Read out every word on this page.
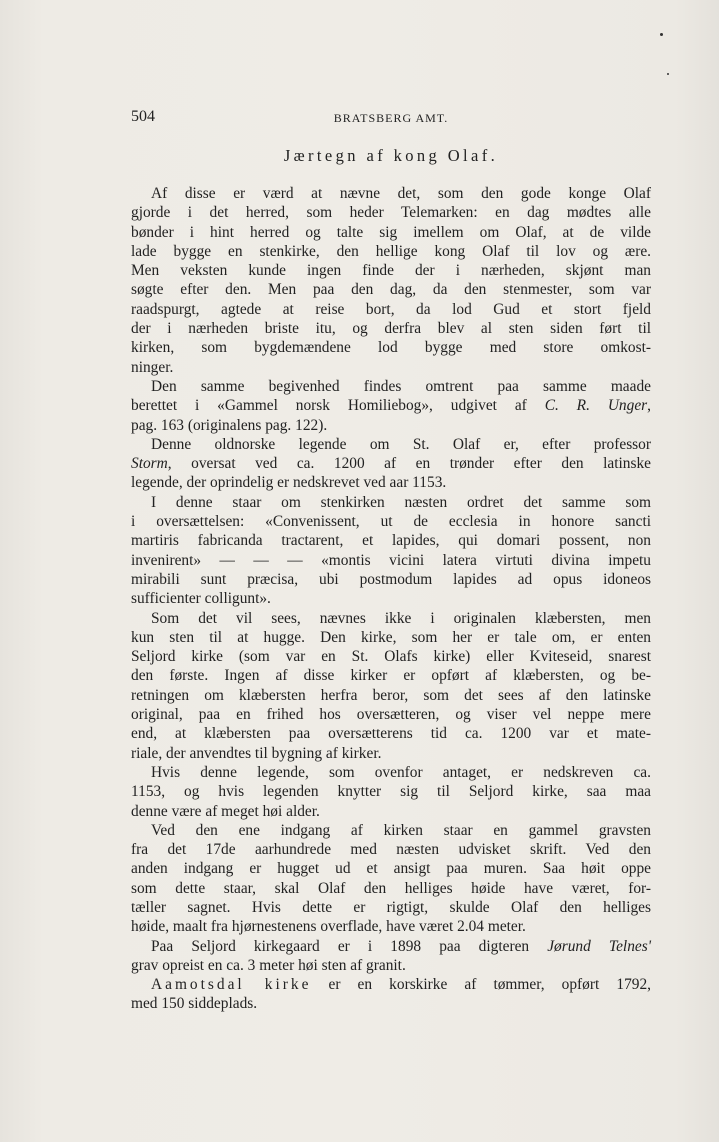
504	BRATSBERG AMT.
Jærtegn af kong Olaf.
Af disse er værd at nævne det, som den gode konge Olaf
gjorde i det herred, som heder Telemarken: en dag mødtes alle
bønder i hint herred og talte sig imellem om Olaf, at de vilde
lade bygge en stenkirke, den hellige kong Olaf til lov og ære.
Men veksten kunde ingen finde der i nærheden, skjønt man
søgte efter den. Men paa den dag, da den stenmester, som var
raadspurgt, agtede at reise bort, da lod Gud et stort fjeld
der i nærheden briste itu, og derfra blev al sten siden ført til
kirken, som bygdemændene lod bygge med store omkost-
ninger.
Den samme begivenhed findes omtrent paa samme maade
berettet i «Gammel norsk Homiliebog», udgivet af C. R. Unger,
pag. 163 (originalens pag. 122).
Denne oldnorske legende om St. Olaf er, efter professor
Storm, oversat ved ca. 1200 af en trønder efter den latinske
legende, der oprindelig er nedskrevet ved aar 1153.
I denne staar om stenkirken næsten ordret det samme som
i oversættelsen: «Convenissent, ut de ecclesia in honore sancti
martiris fabricanda tractarent, et lapides, qui domari possent, non
invenirent» — — — «montis vicini latera virtuti divina impetu
mirabili sunt præcisa, ubi postmodum lapides ad opus idoneos
sufficienter colligunt».
Som det vil sees, nævnes ikke i originalen klæbersten, men
kun sten til at hugge. Den kirke, som her er tale om, er enten
Seljord kirke (som var en St. Olafs kirke) eller Kviteseid, snarest
den første. Ingen af disse kirker er opført af klæbersten, og be-
retningen om klæbersten herfra beror, som det sees af den latinske
original, paa en frihed hos oversætteren, og viser vel neppe mere
end, at klæbersten paa oversætterens tid ca. 1200 var et mate-
riale, der anvendtes til bygning af kirker.
Hvis denne legende, som ovenfor antaget, er nedskreven ca.
1153, og hvis legenden knytter sig til Seljord kirke, saa maa
denne være af meget høi alder.
Ved den ene indgang af kirken staar en gammel gravsten
fra det 17de aarhundrede med næsten udvisket skrift. Ved den
anden indgang er hugget ud et ansigt paa muren. Saa høit oppe
som dette staar, skal Olaf den helliges høide have været, for-
tæller sagnet. Hvis dette er rigtigt, skulde Olaf den helliges
høide, maalt fra hjørnestenens overflade, have været 2.04 meter.
Paa Seljord kirkegaard er i 1898 paa digteren Jørund Telnes'
grav opreist en ca. 3 meter høi sten af granit.
Aamotsdal kirke er en korskirke af tømmer, opført 1792,
med 150 siddeplads.
